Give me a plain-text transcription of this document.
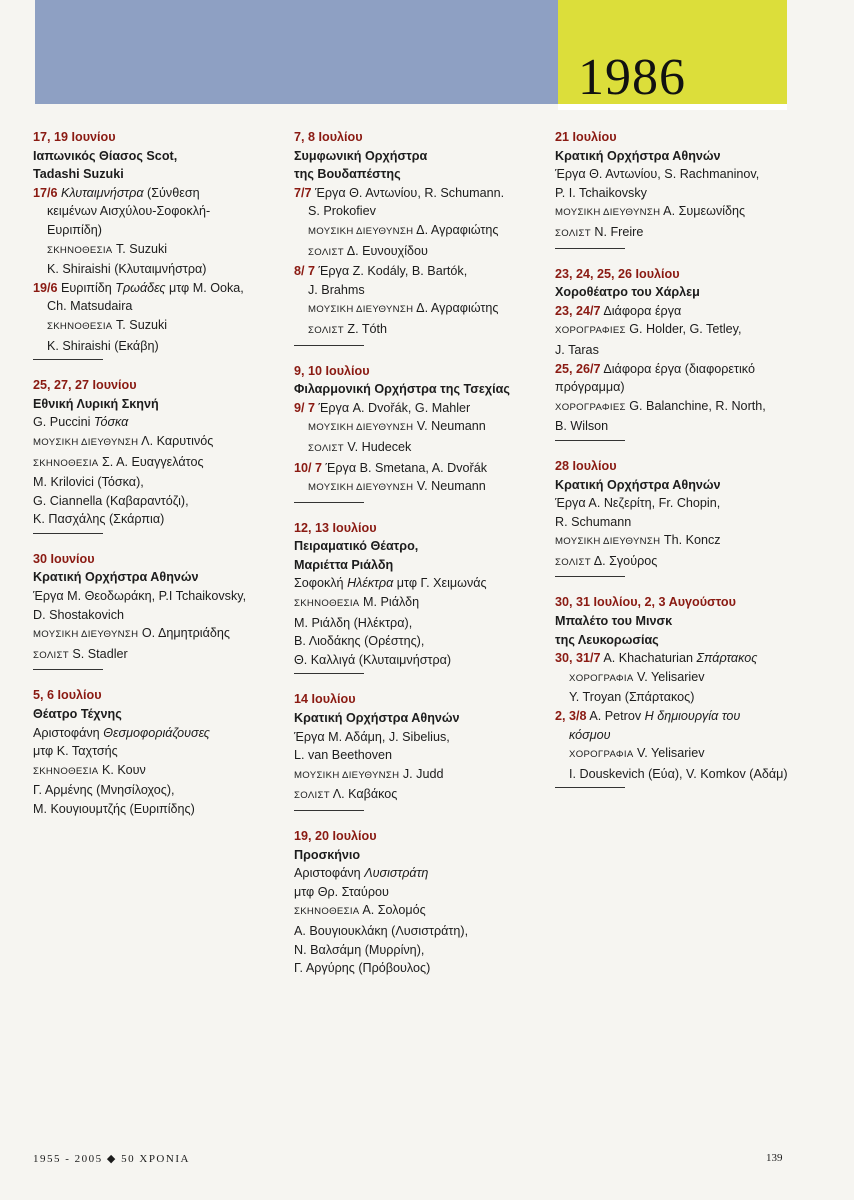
1986
17, 19 Ιουνίου
Ιαπωνικός Θίασος Scot,
Tadashi Suzuki
17/6 Κλυταιμνήστρα (Σύνθεση
κειμένων Αισχύλου-Σοφοκλή-
Ευριπίδη)
ΣΚΗΝΟΘΕΣΙΑ T. Suzuki
K. Shiraishi (Κλυταιμνήστρα)
19/6 Ευριπίδη Τρωάδες μτφ M. Ooka,
Ch. Matsudaira
ΣΚΗΝΟΘΕΣΙΑ T. Suzuki
K. Shiraishi (Εκάβη)
25, 27, 27 Ιουνίου
Εθνική Λυρική Σκηνή
G. Puccini Τόσκα
ΜΟΥΣΙΚΗ ΔΙΕΥΘΥΝΣΗ Λ. Καρυτινός
ΣΚΗΝΟΘΕΣΙΑ Σ. Α. Ευαγγελάτος
M. Krilovici (Τόσκα),
G. Ciannella (Καβαραντόζι),
Κ. Πασχάλης (Σκάρπια)
30 Ιουνίου
Κρατική Ορχήστρα Αθηνών
Έργα Μ. Θεοδωράκη, P.I Tchaikovsky,
D. Shostakovich
ΜΟΥΣΙΚΗ ΔΙΕΥΘΥΝΣΗ Ο. Δημητριάδης
ΣΟΛΙΣΤ S. Stadler
5, 6 Ιουλίου
Θέατρο Τέχνης
Αριστοφάνη Θεσμοφοριάζουσες
μτφ Κ. Ταχτσής
ΣΚΗΝΟΘΕΣΙΑ Κ. Κουν
Γ. Αρμένης (Μνησίλοχος),
Μ. Κουγιουμτζής (Ευριπίδης)
7, 8 Ιουλίου
Συμφωνική Ορχήστρα
της Βουδαπέστης
7/7 Έργα Θ. Αντωνίου, R. Schumann.
S. Prokofiev
ΜΟΥΣΙΚΗ ΔΙΕΥΘΥΝΣΗ Δ. Αγραφιώτης
ΣΟΛΙΣΤ Δ. Ευνουχίδου
8/ 7 Έργα Z. Kodály, B. Bartók,
J. Brahms
ΜΟΥΣΙΚΗ ΔΙΕΥΘΥΝΣΗ Δ. Αγραφιώτης
ΣΟΛΙΣΤ Z. Tóth
9, 10 Ιουλίου
Φιλαρμονική Ορχήστρα της Τσεχίας
9/ 7 Έργα A. Dvořák, G. Mahler
ΜΟΥΣΙΚΗ ΔΙΕΥΘΥΝΣΗ V. Neumann
ΣΟΛΙΣΤ V. Hudecek
10/ 7 Έργα B. Smetana, A. Dvořák
ΜΟΥΣΙΚΗ ΔΙΕΥΘΥΝΣΗ V. Neumann
12, 13 Ιουλίου
Πειραματικό Θέατρο,
Μαριέττα Ριάλδη
Σοφοκλή Ηλέκτρα μτφ Γ. Χειμωνάς
ΣΚΗΝΟΘΕΣΙΑ Μ. Ριάλδη
Μ. Ριάλδη (Ηλέκτρα),
Β. Λιοδάκης (Ορέστης),
Θ. Καλλιγά (Κλυταιμνήστρα)
14 Ιουλίου
Κρατική Ορχήστρα Αθηνών
Έργα Μ. Αδάμη, J. Sibelius,
L. van Beethoven
ΜΟΥΣΙΚΗ ΔΙΕΥΘΥΝΣΗ J. Judd
ΣΟΛΙΣΤ Λ. Καβάκος
19, 20 Ιουλίου
Προσκήνιο
Αριστοφάνη Λυσιστράτη
μτφ Θρ. Σταύρου
ΣΚΗΝΟΘΕΣΙΑ Α. Σολομός
Α. Βουγιουκλάκη (Λυσιστράτη),
Ν. Βαλσάμη (Μυρρίνη),
Γ. Αργύρης (Πρόβουλος)
21 Ιουλίου
Κρατική Ορχήστρα Αθηνών
Έργα Θ. Αντωνίου, S. Rachmaninov,
P. I. Tchaikovsky
ΜΟΥΣΙΚΗ ΔΙΕΥΘΥΝΣΗ Α. Συμεωνίδης
ΣΟΛΙΣΤ N. Freire
23, 24, 25, 26 Ιουλίου
Χοροθέατρο του Χάρλεμ
23, 24/7 Διάφορα έργα
ΧΟΡΟΓΡΑΦΙΕΣ G. Holder, G. Tetley,
J. Taras
25, 26/7 Διάφορα έργα (διαφορετικό
πρόγραμμα)
ΧΟΡΟΓΡΑΦΙΕΣ G. Balanchine, R. North,
B. Wilson
28 Ιουλίου
Κρατική Ορχήστρα Αθηνών
Έργα Α. Νεζερίτη, Fr. Chopin,
R. Schumann
ΜΟΥΣΙΚΗ ΔΙΕΥΘΥΝΣΗ Th. Koncz
ΣΟΛΙΣΤ Δ. Σγούρος
30, 31 Ιουλίου, 2, 3 Αυγούστου
Μπαλέτο του Μινσκ
της Λευκορωσίας
30, 31/7 A. Khachaturian Σπάρτακος
ΧΟΡΟΓΡΑΦΙΑ V. Yelisariev
Y. Troyan (Σπάρτακος)
2, 3/8 A. Petrov Η δημιουργία του
κόσμου
ΧΟΡΟΓΡΑΦΙΑ V. Yelisariev
I. Douskevich (Εύα), V. Komkov (Αδάμ)
1955 - 2005 ◆ 50 ΧΡΟΝΙΑ	139
